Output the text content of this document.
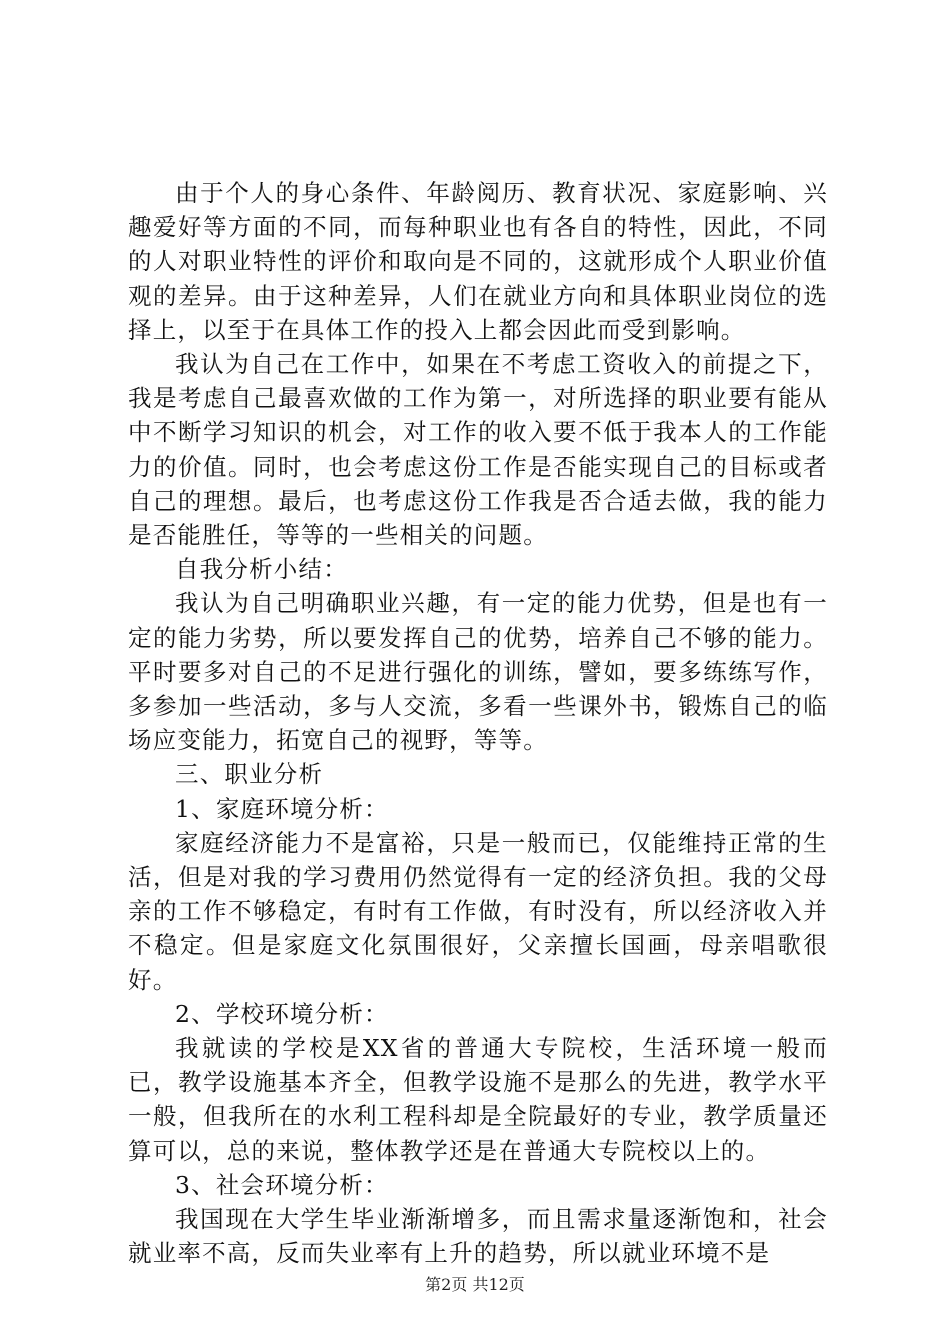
由于个人的身心条件、年龄阅历、教育状况、家庭影响、兴趣爱好等方面的不同，而每种职业也有各自的特性，因此，不同的人对职业特性的评价和取向是不同的，这就形成个人职业价值观的差异。由于这种差异，人们在就业方向和具体职业岗位的选择上，以至于在具体工作的投入上都会因此而受到影响。

我认为自己在工作中，如果在不考虑工资收入的前提之下，我是考虑自己最喜欢做的工作为第一，对所选择的职业要有能从中不断学习知识的机会，对工作的收入要不低于我本人的工作能力的价值。同时，也会考虑这份工作是否能实现自己的目标或者自己的理想。最后，也考虑这份工作我是否合适去做，我的能力是否能胜任，等等的一些相关的问题。

自我分析小结：

我认为自己明确职业兴趣，有一定的能力优势，但是也有一定的能力劣势，所以要发挥自己的优势，培养自己不够的能力。平时要多对自己的不足进行强化的训练，譬如，要多练练写作，多参加一些活动，多与人交流，多看一些课外书，锻炼自己的临场应变能力，拓宽自己的视野，等等。

三、职业分析

1、家庭环境分析：

家庭经济能力不是富裕，只是一般而已，仅能维持正常的生活，但是对我的学习费用仍然觉得有一定的经济负担。我的父母亲的工作不够稳定，有时有工作做，有时没有，所以经济收入并不稳定。但是家庭文化氛围很好，父亲擅长国画，母亲唱歌很好。

2、学校环境分析：

我就读的学校是XX省的普通大专院校，生活环境一般而已，教学设施基本齐全，但教学设施不是那么的先进，教学水平一般，但我所在的水利工程科却是全院最好的专业，教学质量还算可以，总的来说，整体教学还是在普通大专院校以上的。

3、社会环境分析：

我国现在大学生毕业渐渐增多，而且需求量逐渐饱和，社会就业率不高，反而失业率有上升的趋势，所以就业环境不是

第2页 共12页
